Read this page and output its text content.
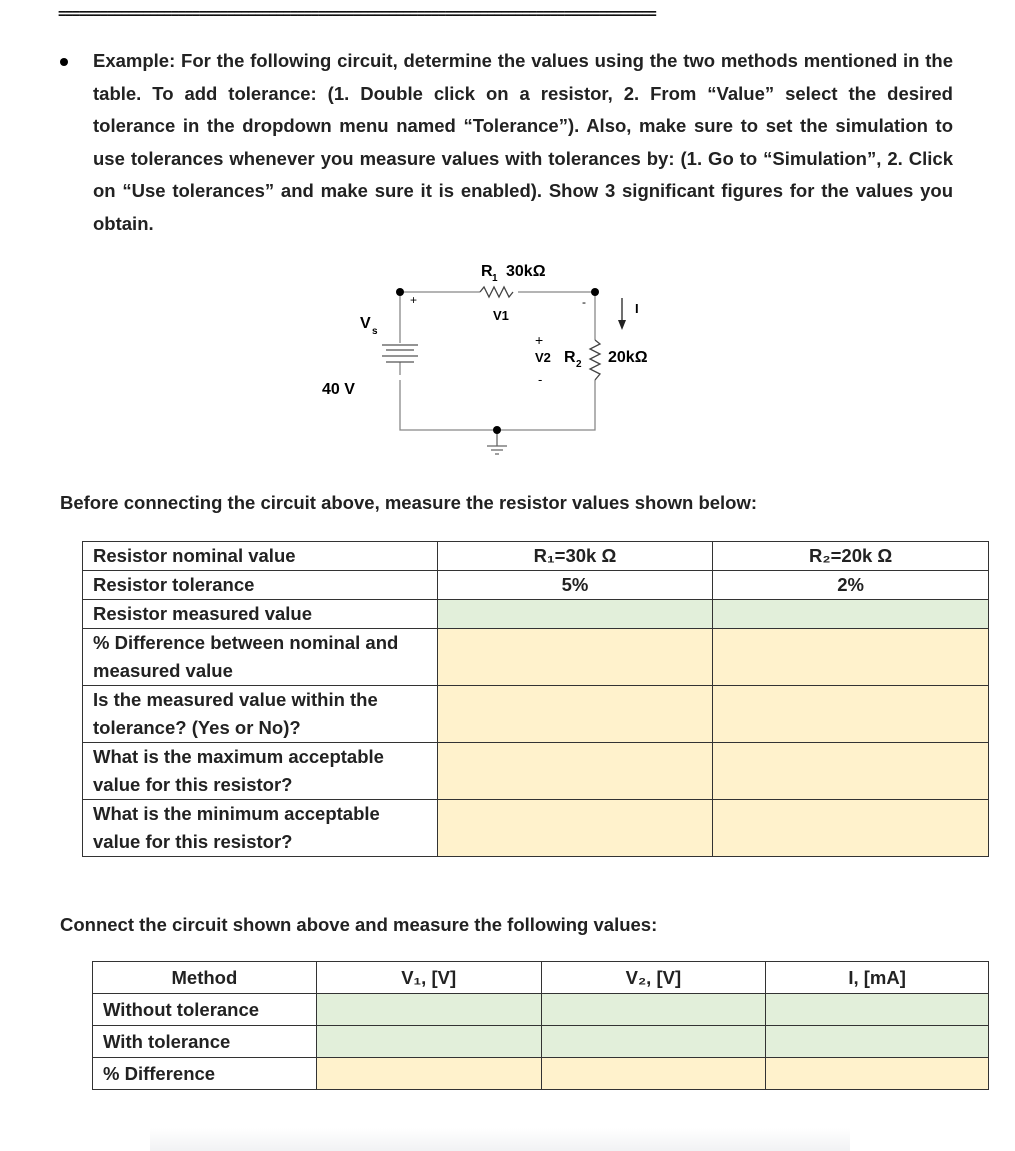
=====================================================================================
Example: For the following circuit, determine the values using the two methods mentioned in the table. To add tolerance: (1. Double click on a resistor, 2. From “Value” select the desired tolerance in the dropdown menu named “Tolerance”). Also, make sure to set the simulation to use tolerances whenever you measure values with tolerances by: (1. Go to “Simulation”, 2. Click on “Use tolerances” and make sure it is enabled). Show 3 significant figures for the values you obtain.
R 1 30kΩ
V1
+	-
V s
40 V
+
V2
-
R 2 20kΩ
I
Before connecting the circuit above, measure the resistor values shown below:
Resistor nominal value	R₁=30k Ω	R₂=20k Ω
Resistor tolerance	5%	2%
Resistor measured value		
% Difference between nominal and measured value		
Is the measured value within the tolerance? (Yes or No)?		
What is the maximum acceptable value for this resistor?		
What is the minimum acceptable value for this resistor?		
Connect the circuit shown above and measure the following values:
Method	V₁, [V]	V₂, [V]	I, [mA]
Without tolerance			
With tolerance			
% Difference			
